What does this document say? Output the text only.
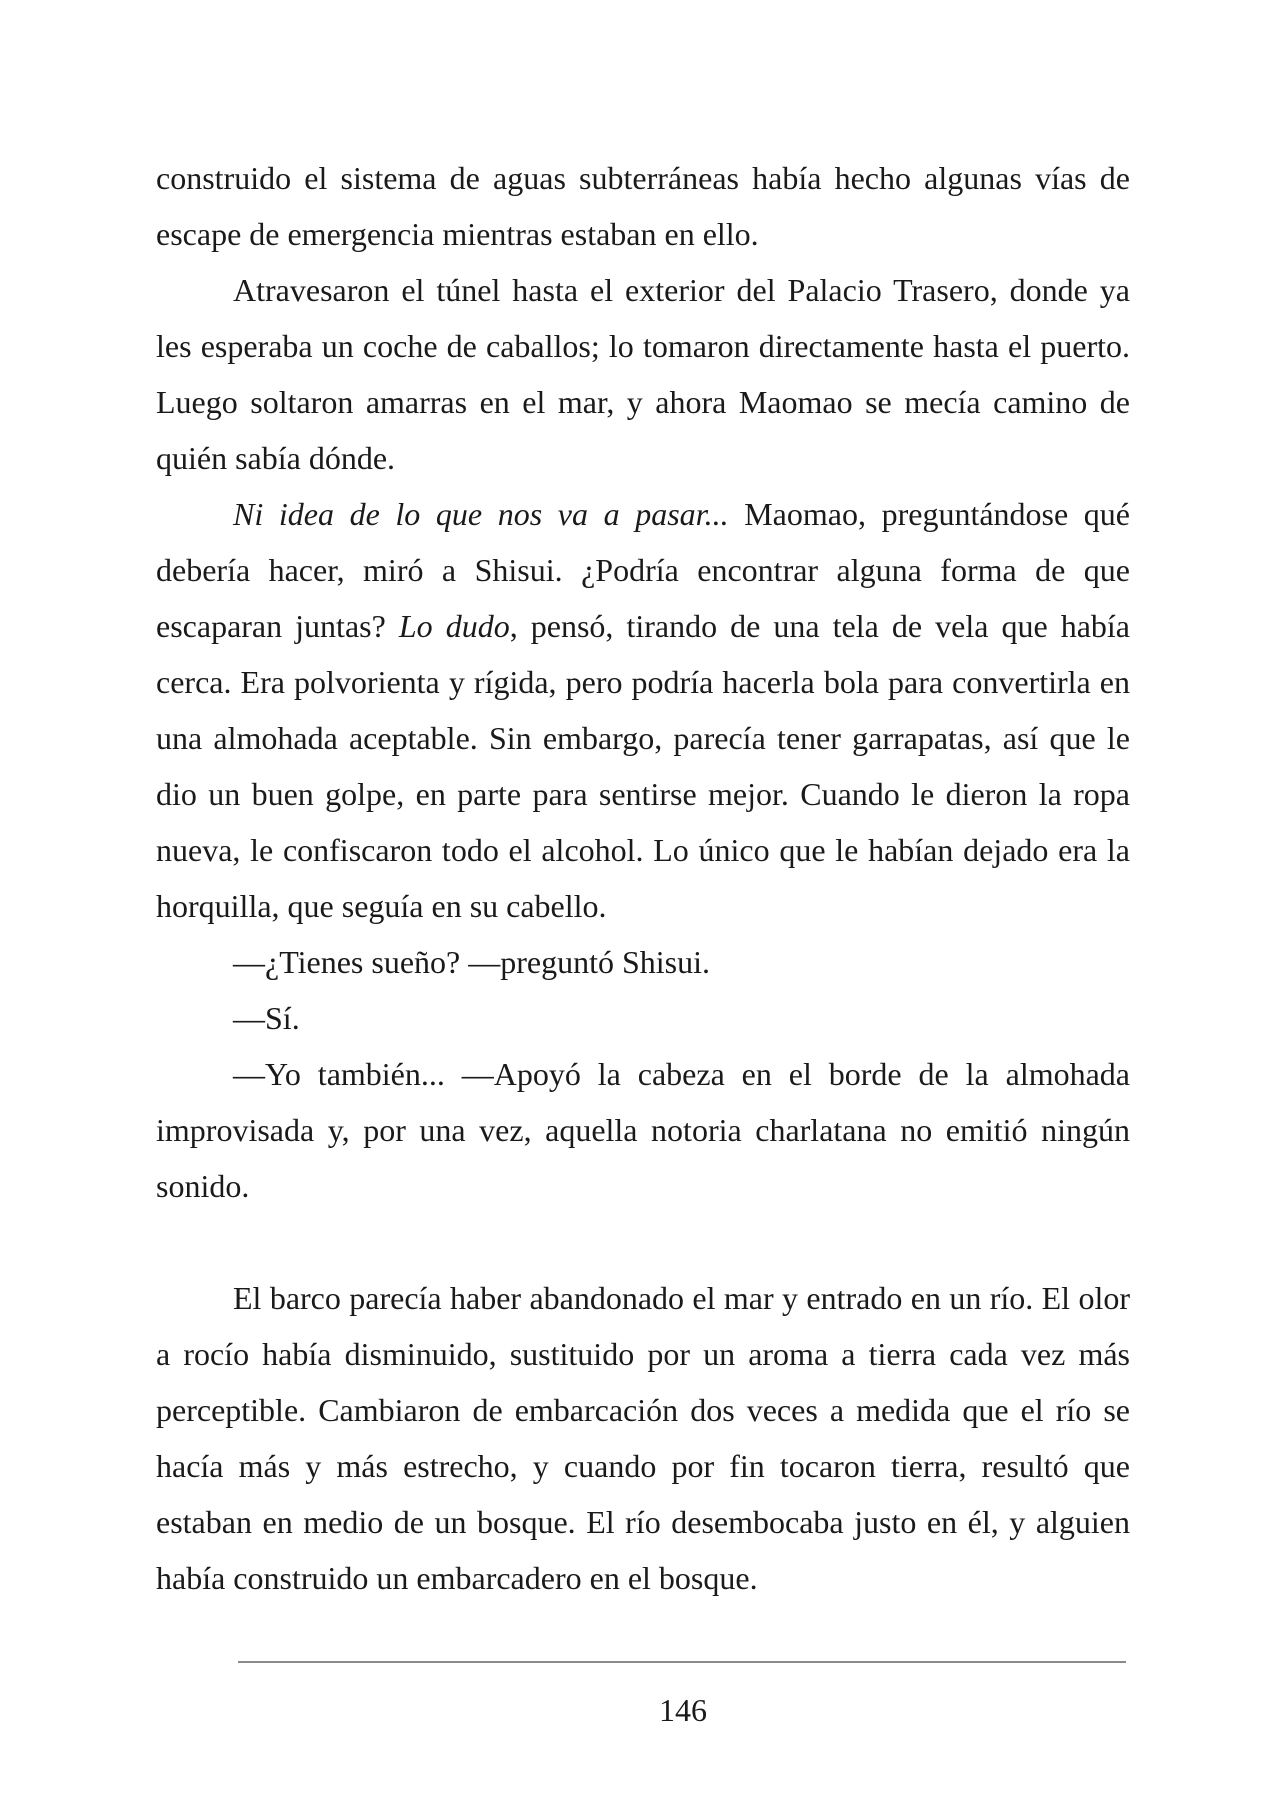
construido el sistema de aguas subterráneas había hecho algunas vías de escape de emergencia mientras estaban en ello.

Atravesaron el túnel hasta el exterior del Palacio Trasero, donde ya les esperaba un coche de caballos; lo tomaron directamente hasta el puerto. Luego soltaron amarras en el mar, y ahora Maomao se mecía camino de quién sabía dónde.

Ni idea de lo que nos va a pasar... Maomao, preguntándose qué debería hacer, miró a Shisui. ¿Podría encontrar alguna forma de que escaparan juntas? Lo dudo, pensó, tirando de una tela de vela que había cerca. Era polvorienta y rígida, pero podría hacerla bola para convertirla en una almohada aceptable. Sin embargo, parecía tener garrapatas, así que le dio un buen golpe, en parte para sentirse mejor. Cuando le dieron la ropa nueva, le confiscaron todo el alcohol. Lo único que le habían dejado era la horquilla, que seguía en su cabello.

—¿Tienes sueño? —preguntó Shisui.

—Sí.

—Yo también... —Apoyó la cabeza en el borde de la almohada improvisada y, por una vez, aquella notoria charlatana no emitió ningún sonido.

El barco parecía haber abandonado el mar y entrado en un río. El olor a rocío había disminuido, sustituido por un aroma a tierra cada vez más perceptible. Cambiaron de embarcación dos veces a medida que el río se hacía más y más estrecho, y cuando por fin tocaron tierra, resultó que estaban en medio de un bosque. El río desembocaba justo en él, y alguien había construido un embarcadero en el bosque.

146
